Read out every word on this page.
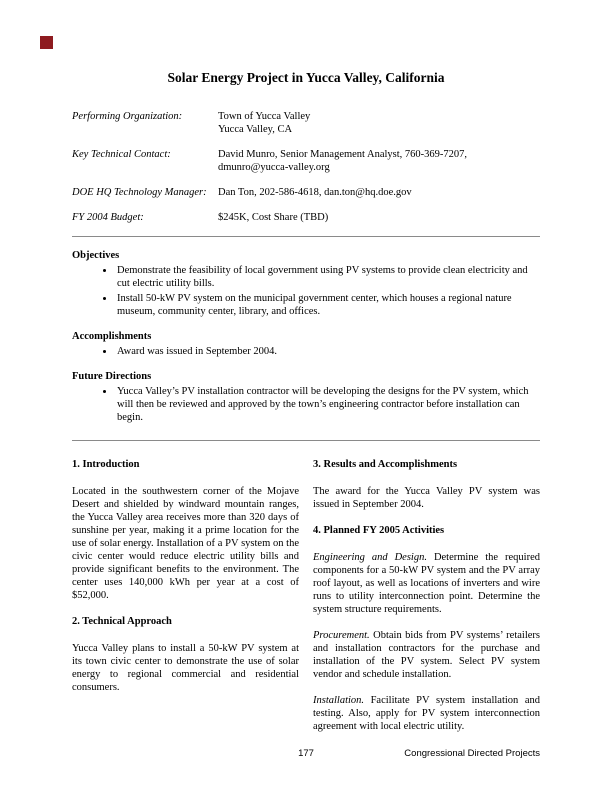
Solar Energy Project in Yucca Valley, California
Performing Organization:	Town of Yucca Valley
Yucca Valley, CA
Key Technical Contact:	David Munro, Senior Management Analyst, 760-369-7207,
dmunro@yucca-valley.org
DOE HQ Technology Manager:	Dan Ton, 202-586-4618, dan.ton@hq.doe.gov
FY 2004 Budget:	$245K, Cost Share (TBD)
Objectives
• Demonstrate the feasibility of local government using PV systems to provide clean electricity and cut electric utility bills.
• Install 50-kW PV system on the municipal government center, which houses a regional nature museum, community center, library, and offices.
Accomplishments
• Award was issued in September 2004.
Future Directions
• Yucca Valley’s PV installation contractor will be developing the designs for the PV system, which will then be reviewed and approved by the town’s engineering contractor before installation can begin.
1. Introduction

Located in the southwestern corner of the Mojave Desert and shielded by windward mountain ranges, the Yucca Valley area receives more than 320 days of sunshine per year, making it a prime location for the use of solar energy. Installation of a PV system on the civic center would reduce electric utility bills and provide significant benefits to the environment. The center uses 140,000 kWh per year at a cost of $52,000.

2. Technical Approach

Yucca Valley plans to install a 50-kW PV system at its town civic center to demonstrate the use of solar energy to regional commercial and residential consumers.

3. Results and Accomplishments

The award for the Yucca Valley PV system was issued in September 2004.

4. Planned FY 2005 Activities

Engineering and Design. Determine the required components for a 50-kW PV system and the PV array roof layout, as well as locations of inverters and wire runs to utility interconnection point. Determine the system structure requirements.

Procurement. Obtain bids from PV systems’ retailers and installation contractors for the purchase and installation of the PV system. Select PV system vendor and schedule installation.

Installation. Facilitate PV system installation and testing. Also, apply for PV system interconnection agreement with local electric utility.

177	Congressional Directed Projects
